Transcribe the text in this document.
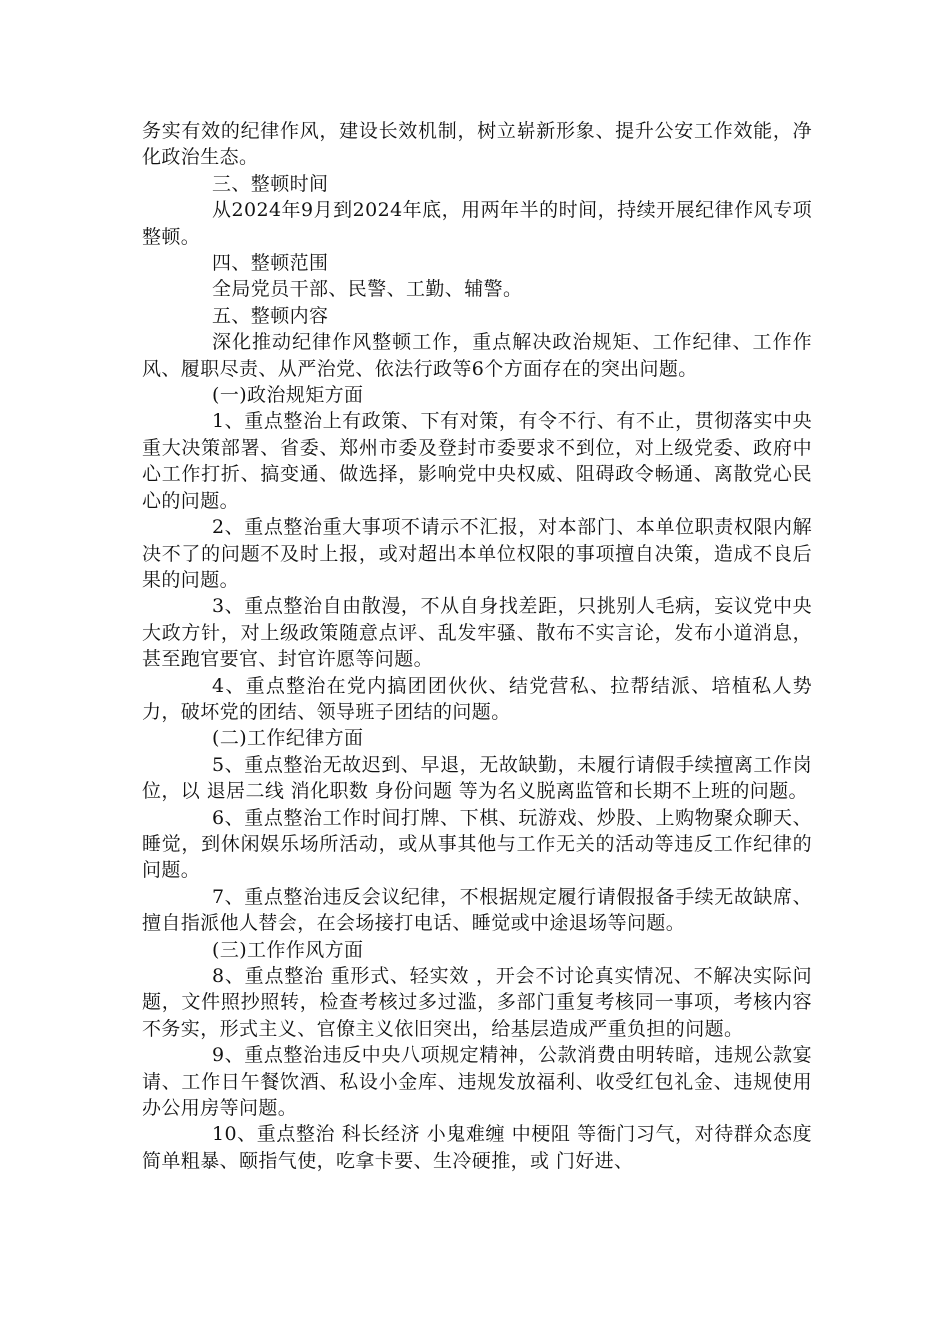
务实有效的纪律作风，建设长效机制，树立崭新形象、提升公安工作效能，净化政治生态。

三、整顿时间

从2024年9月到2024年底，用两年半的时间，持续开展纪律作风专项整顿。

四、整顿范围

全局党员干部、民警、工勤、辅警。

五、整顿内容

深化推动纪律作风整顿工作，重点解决政治规矩、工作纪律、工作作风、履职尽责、从严治党、依法行政等6个方面存在的突出问题。

(一)政治规矩方面

1、重点整治上有政策、下有对策，有令不行、有不止，贯彻落实中央重大决策部署、省委、郑州市委及登封市委要求不到位，对上级党委、政府中心工作打折、搞变通、做选择，影响党中央权威、阻碍政令畅通、离散党心民心的问题。

2、重点整治重大事项不请示不汇报，对本部门、本单位职责权限内解决不了的问题不及时上报，或对超出本单位权限的事项擅自决策，造成不良后果的问题。

3、重点整治自由散漫，不从自身找差距，只挑别人毛病，妄议党中央大政方针，对上级政策随意点评、乱发牢骚、散布不实言论，发布小道消息，甚至跑官要官、封官许愿等问题。

4、重点整治在党内搞团团伙伙、结党营私、拉帮结派、培植私人势力，破坏党的团结、领导班子团结的问题。

(二)工作纪律方面

5、重点整治无故迟到、早退，无故缺勤，未履行请假手续擅离工作岗位，以 退居二线 消化职数 身份问题 等为名义脱离监管和长期不上班的问题。

6、重点整治工作时间打牌、下棋、玩游戏、炒股、上购物聚众聊天、睡觉，到休闲娱乐场所活动，或从事其他与工作无关的活动等违反工作纪律的问题。

7、重点整治违反会议纪律，不根据规定履行请假报备手续无故缺席、擅自指派他人替会，在会场接打电话、睡觉或中途退场等问题。

(三)工作作风方面

8、重点整治 重形式、轻实效 ，开会不讨论真实情况、不解决实际问题，文件照抄照转，检查考核过多过滥，多部门重复考核同一事项，考核内容不务实，形式主义、官僚主义依旧突出，给基层造成严重负担的问题。

9、重点整治违反中央八项规定精神，公款消费由明转暗，违规公款宴请、工作日午餐饮酒、私设小金库、违规发放福利、收受红包礼金、违规使用办公用房等问题。

10、重点整治 科长经济 小鬼难缠 中梗阻 等衙门习气，对待群众态度简单粗暴、颐指气使，吃拿卡要、生冷硬推，或 门好进、
